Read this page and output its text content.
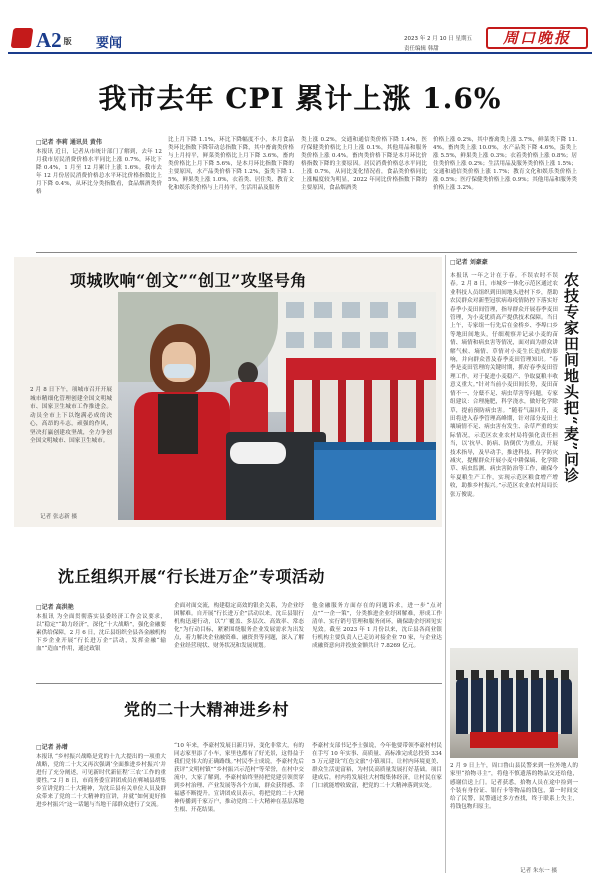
A2 版 要闻	2023 年 2 月 10 日 星期五
责任编辑 韩甜
周口晚报
我市去年 CPI 累计上涨 1.6%
□记者 李莉 通讯员 黄伟
本报讯 近日，记者从市统计部门了解到，去年 12 月我市居民消费价格水平同比上涨 0.7%，环比下降 0.4%，1 月至 12 月累计上涨 1.6%。我市去年 12 月份居民消费价格总水平环比价格指数比上月下降 0.4%，从环比分类指数看，食品烟酒类价格
比上月下降 1.1%，环比下降幅度不小，本月食品类环比指数下降带动总指数下降，其中畜禽类价格与上月持平，鲜菜类价格比上月下降 3.6%，畜肉类价格比上月下降 5.6%，是本月环比指数下降的主要原因，水产品类价格下降 1.2%，蛋类下降 1.5%，鲜果类上涨 1.0%，衣着类、居住类、教育文化和娱乐类价格与上月持平，生活用品及服务
类上涨 0.2%，交通和通信类价格下降 1.4%，医疗保健类价格比上月上涨 0.1%，其他用品和服务类价格上涨 0.4%。畜肉类价格下降是本月环比价格指数下降的主要原因。居民消费价格总水平同比上涨 0.7%，从同比变化情况看，食品类价格同比上涨幅度较为明显，2022 年同比价格指数下降的主要原因，食品烟酒类
价格上涨 0.2%，其中畜禽类上涨 3.7%，鲜菜类下降 11.4%，畜肉类上涨 10.0%，水产品类下降 4.6%，蛋类上涨 5.5%，鲜果类上涨 0.3%；衣着类价格上涨 0.8%；居住类价格上涨 0.2%；生活用品及服务类价格上涨 1.5%；交通和通信类价格上涨 1.7%；教育文化和娱乐类价格上涨 0.5%；医疗保健类价格上涨 0.9%；其他用品和服务类价格上涨 3.2%。
项城吹响“创文”“创卫”攻坚号角
2 月 8 日下午，项城市召开开展城市精细化管理创建全国文明城市、国家卫生城市工作推进会。动员全市上下以饱满必成的决心，高昂的斗志，顽强的作风，坚决打赢创建攻坚战，全力争创全国文明城市、国家卫生城市。
记者 张志新 摄
□记者 刘豪豪
农技专家田间地头把“麦”问诊
本报讯 一年之计在于春。不误农时不误春。2 月 8 日，市城乡一体化示范区通过农业科技人员组织到田间地头进村下乡，帮助农民群众对新型冠状病毒疫情防控下落实好春季小麦田间管理，指导群众开展春季麦田管理，为小麦优质高产提供技术保障。当日上午，专家组一行先后在金桥乡、李埠口乡等地田间地头，仔细观察并记录小麦的苗情、墒情和病虫害等情况，面对面为群众讲解气候、墒情、草情对小麦生长造成的影响，并向群众普及春季麦田管理知识。“春季是麦田管理的关键时期，抓好春季麦田管理工作，对于促进小麦稳产、争取夏粮丰收意义重大。”针对当前小麦田间长势，麦田苗情不一、分蘖不足、病虫草害等问题，专家组建议：合理施肥，科学浇水，做好化学除草，提前预防病虫害。“随着气温回升，麦田将进入春季管理高峰期，针对部分麦田土壤墒情不足、病虫害有发生、杂草严重的实际情况，示范区农业农村局将强化责任担当，以‘抗旱、防病、防倒伏’为重点，开展技术指导，及早动手，推进科技、科学防灾减灾，提醒群众开展小麦中耕保墒、化学除草、病虫监测、病虫害防治等工作，确保今年夏粮生产工作，实现示范区粮食增产增收，助推乡村振兴。”示范区农业农村局局长张万俊说。
沈丘组织开展“行长进万企”专项活动
□记者 高洪艳
本报讯 为全面贯彻落实县委经济工作会议要求，以“稳定”“助力经济”，深化“十大战略”，强化金融要素供给保障，2 月 6 日，沈丘县组织全县各金融机构下乡企业开展“行长进万企”活动，发挥金融“输血”“造血”作用，通过政银
企面对面交流，构建稳定高效的银企关系，为企业纾困解难。自开展“行长进万企”活动以来，沈丘县银行机构迅速行动，以“广覆盖、多层次、高效率、常态化”为行动目标，紧紧围绕服务企业发展需求为出发点，着力解决企业融资难、融资贵等问题，深入了解企业经营现状、财务状况和发展规划。
他金融服务方面存在的问题诉求，进一步“点对点”“一企一策”，分类推进企业纾困解难，形成工作清单、实行销号管理和服务闭环，确保助企纾困见实见效。截至 2023 年 1 月份以来，沈丘县各商业银行机构主要负责人已走访对接企业 70 家，与企业达成融资意向并投放金额共计 7.8269 亿元。
党的二十大精神进乡村
□记者 孙增
本报讯 “乡村振兴战略是党的十九大提出的一项重大战略，党的二十大又再次强调‘全面推进乡村振兴’并进行了充分阐述，可见新时代新征程‘三农’工作的重要性。”2 月 8 日，市商务委宣讲团成员在郸城县胡集乡宣讲党的二十大精神，为沈丘县有关单位人员及群众带来了党的二十大精神的宣讲，并就“如何更好推进乡村振兴”这一话题与当地干部群众进行了交流。
“10 年来，李豪村发展日新月异，变化非常大，有的同志家里添了小车，家里也都有了好光景，这得益于我们党伟大的正确路线。”村民李士成说，李豪村先后获评“文明村镇”“乡村振兴示范村”等荣誉，在村中交流中，大家了解到，李豪村始终坚持把党建引领贯穿到乡村治理、产业发展等各个方面，群众获得感、幸福感不断提升。宣讲团成员表示，将把党的二十大精神传播到千家万户，推动党的二十大精神在基层落地生根、开花结果。
李豪村支部书记李士强说，今年他要带领李豪村村民在手写 10 年实事、高质量、高标准完成总投资 3345 万元建设“红色文旅”小镇项目，让村内环境更美、群众生活更富裕，为村民高质量发展打好基础。项目建成后，村内将发展壮大村级集体经济，让村民在家门口就能增收致富，把党的二十大精神落到实处。
2 月 9 日上午，周口鲁山县民警来到一位外地人的家里“拾物寻主”，将他不慎遗落的物品交还给他，感谢信送上门。记者获悉，拾物人员在途中捡到一个装有身份证、银行卡等物品的钱包，第一时间交给了民警，民警通过多方查找，终于联系上失主，将钱包物归原主。
记者 朱东一 摄
